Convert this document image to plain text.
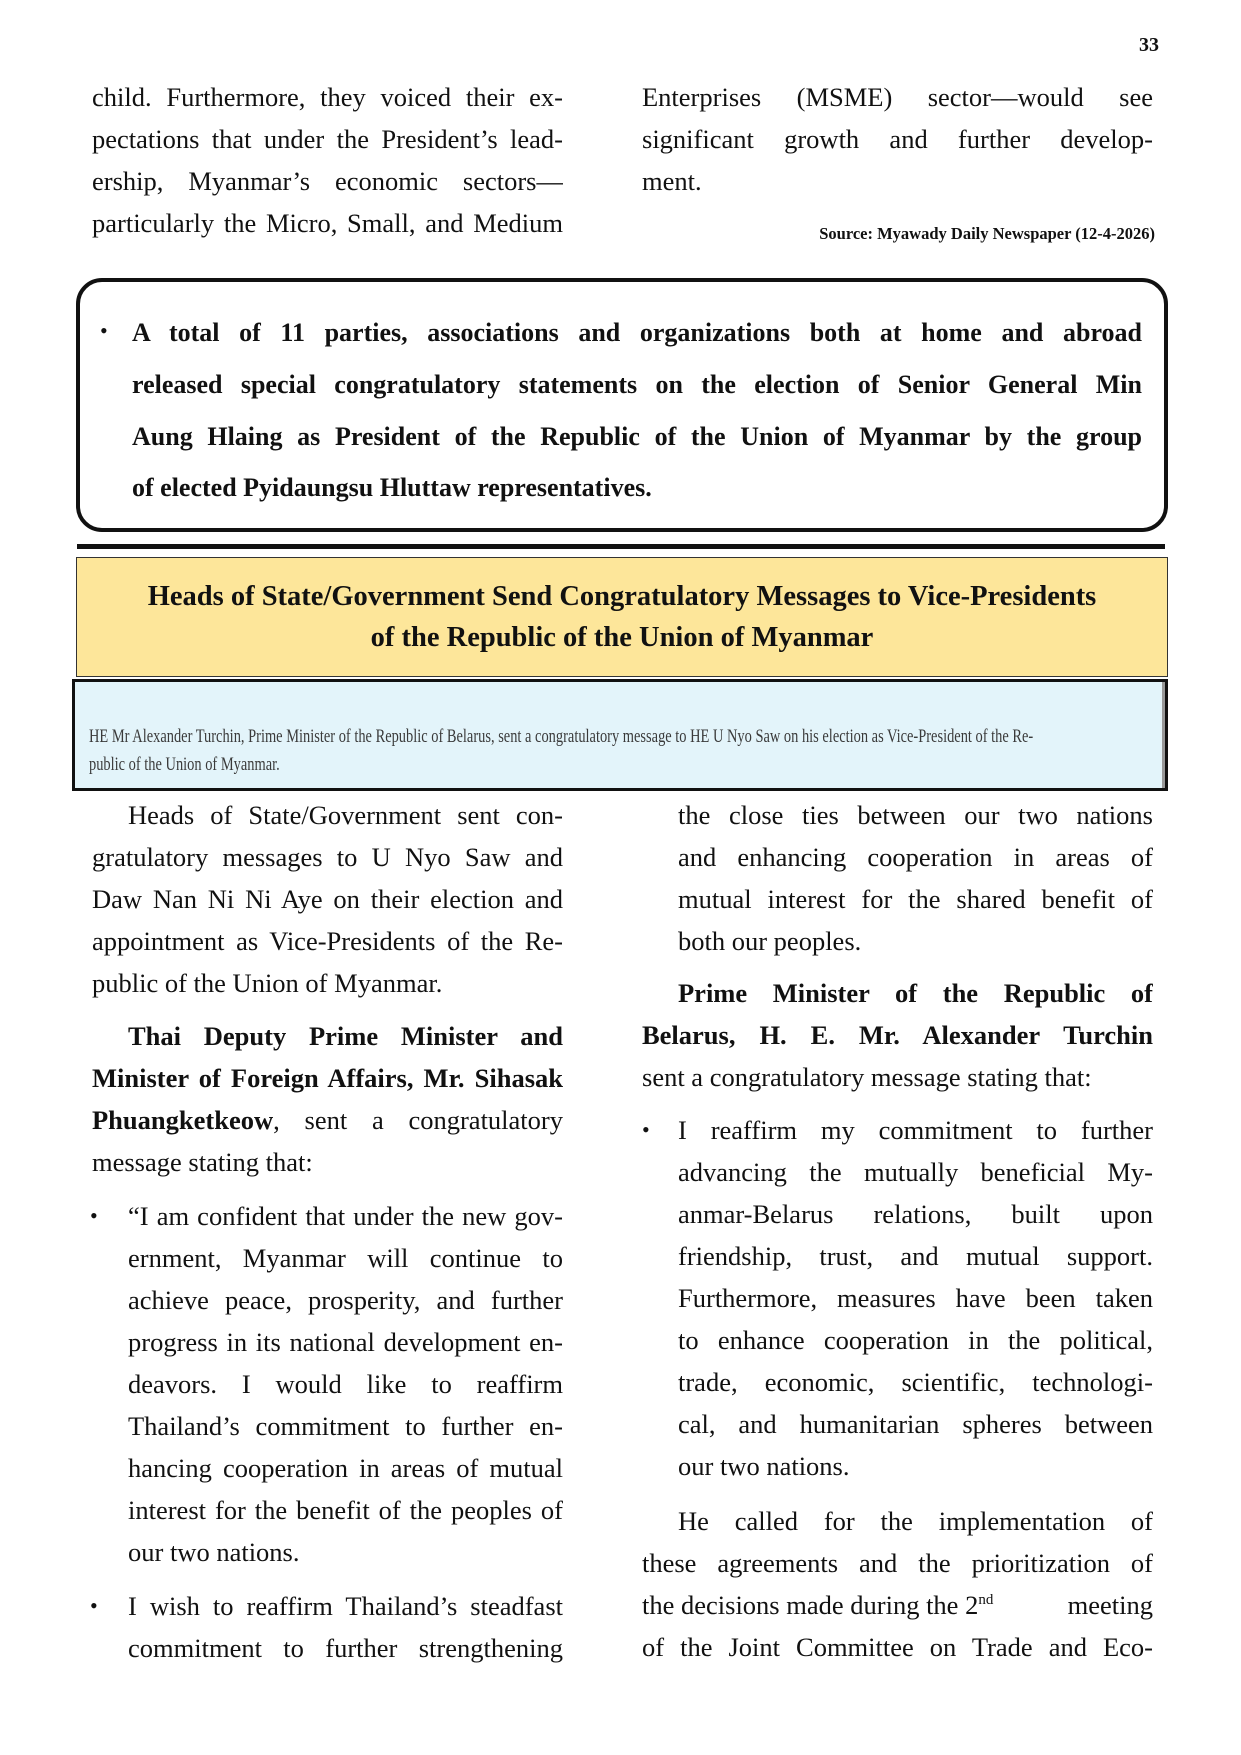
33
child. Furthermore, they voiced their ex-
pectations that under the President’s lead-
ership, Myanmar’s economic sectors—
particularly the Micro, Small, and Medium
Enterprises (MSME) sector—would see
significant growth and further develop-
ment.
Source: Myawady Daily Newspaper (12-4-2026)
• A total of 11 parties, associations and organizations both at home and abroad
released special congratulatory statements on the election of Senior General Min
Aung Hlaing as President of the Republic of the Union of Myanmar by the group
of elected Pyidaungsu Hluttaw representatives.
Heads of State/Government Send Congratulatory Messages to Vice-Presidents
of the Republic of the Union of Myanmar
HE Mr Alexander Turchin, Prime Minister of the Republic of Belarus, sent a congratulatory message to HE U Nyo Saw on his election as Vice-President of the Re-
public of the Union of Myanmar.
Heads of State/Government sent con-
gratulatory messages to U Nyo Saw and
Daw Nan Ni Ni Aye on their election and
appointment as Vice-Presidents of the Re-
public of the Union of Myanmar.
Thai Deputy Prime Minister and
Minister of Foreign Affairs, Mr. Sihasak
Phuangketkeow , sent a congratulatory
message stating that:
• “I am confident that under the new gov-
ernment, Myanmar will continue to
achieve peace, prosperity, and further
progress in its national development en-
deavors. I would like to reaffirm
Thailand’s commitment to further en-
hancing cooperation in areas of mutual
interest for the benefit of the peoples of
our two nations.
• I wish to reaffirm Thailand’s steadfast
commitment to further strengthening
the close ties between our two nations
and enhancing cooperation in areas of
mutual interest for the shared benefit of
both our peoples.
Prime Minister of the Republic of
Belarus, H. E. Mr. Alexander Turchin
sent a congratulatory message stating that:
• I reaffirm my commitment to further
advancing the mutually beneficial My-
anmar-Belarus relations, built upon
friendship, trust, and mutual support.
Furthermore, measures have been taken
to enhance cooperation in the political,
trade, economic, scientific, technologi-
cal, and humanitarian spheres between
our two nations.
He called for the implementation of
these agreements and the prioritization of
the decisions made during the 2nd	meeting
of the Joint Committee on Trade and Eco-
